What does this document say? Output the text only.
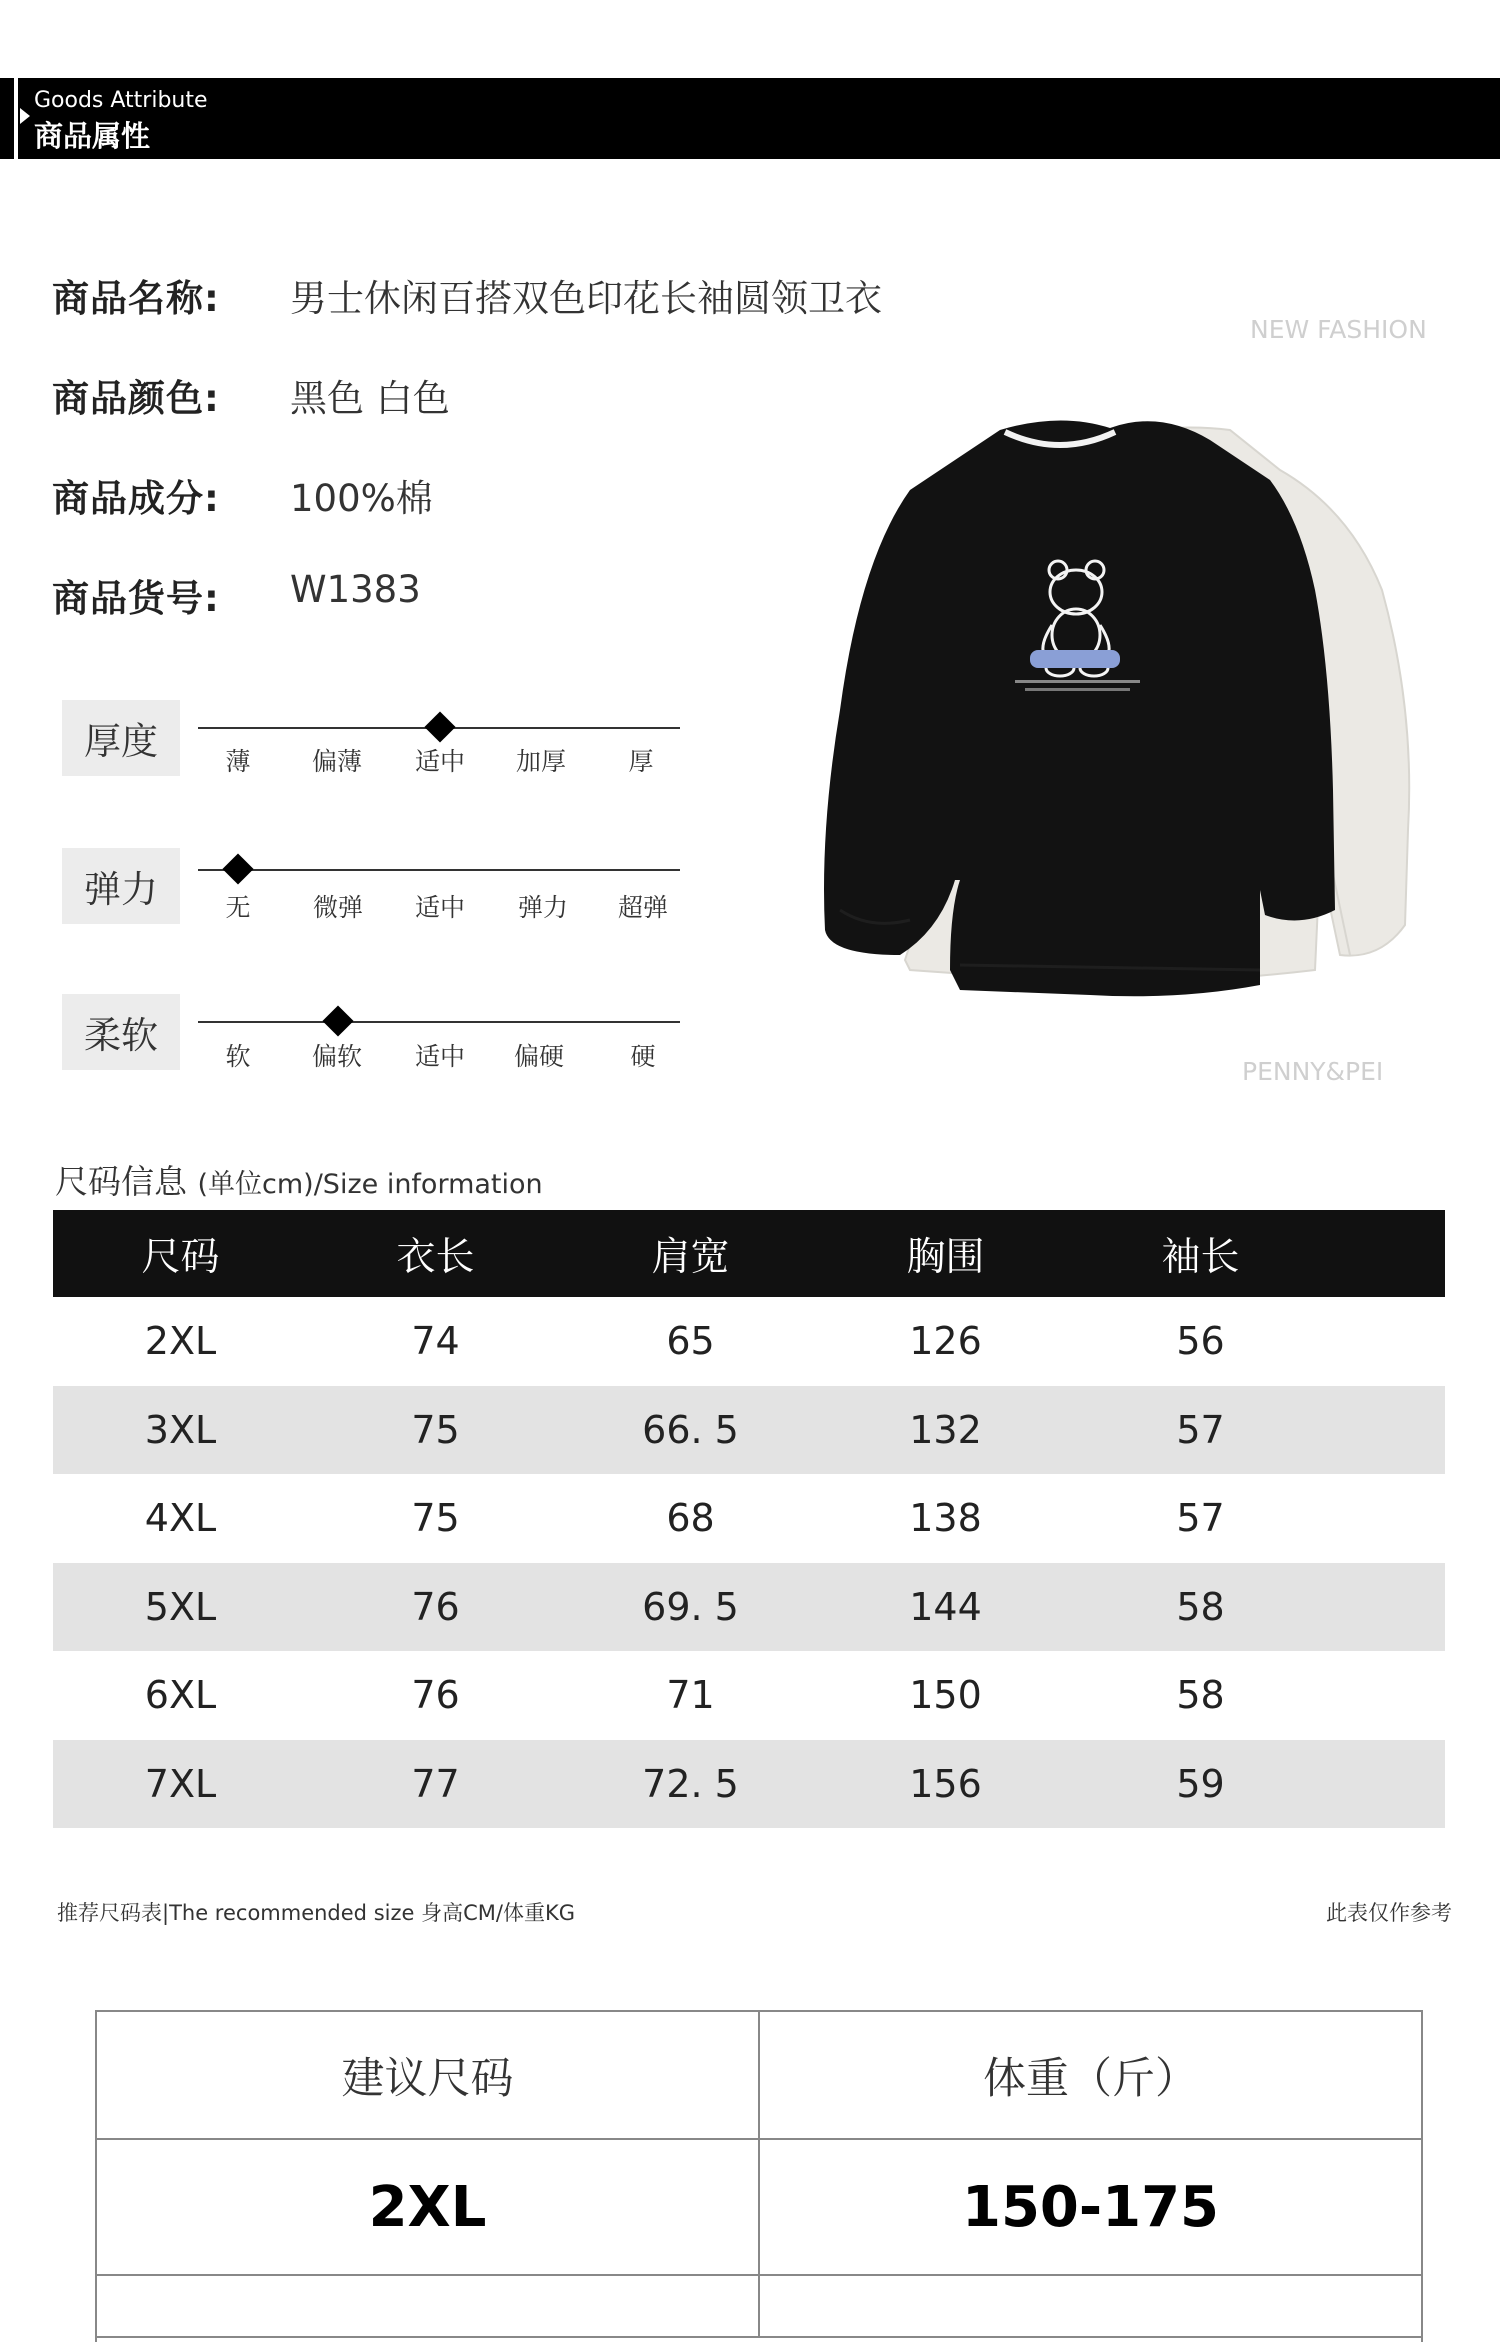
Goods Attribute
商品属性
商品名称: 男士休闲百搭双色印花长袖圆领卫衣
商品颜色: 黑色 白色
商品成分: 100%棉
商品货号: W1383
厚度	薄	偏薄	适中	加厚	厚
弹力	无	微弹	适中	弹力	超弹
柔软	软	偏软	适中	偏硬	硬
NEW FASHION
PENNY&PEI
尺码信息 (单位cm)/Size information
尺码	衣长	肩宽	胸围	袖长
2XL	74	65	126	56
3XL	75	66. 5	132	57
4XL	75	68	138	57
5XL	76	69. 5	144	58
6XL	76	71	150	58
7XL	77	72. 5	156	59
推荐尺码表|The recommended size 身高CM/体重KG	此表仅作参考
建议尺码	体重（斤）
2XL	150-175
